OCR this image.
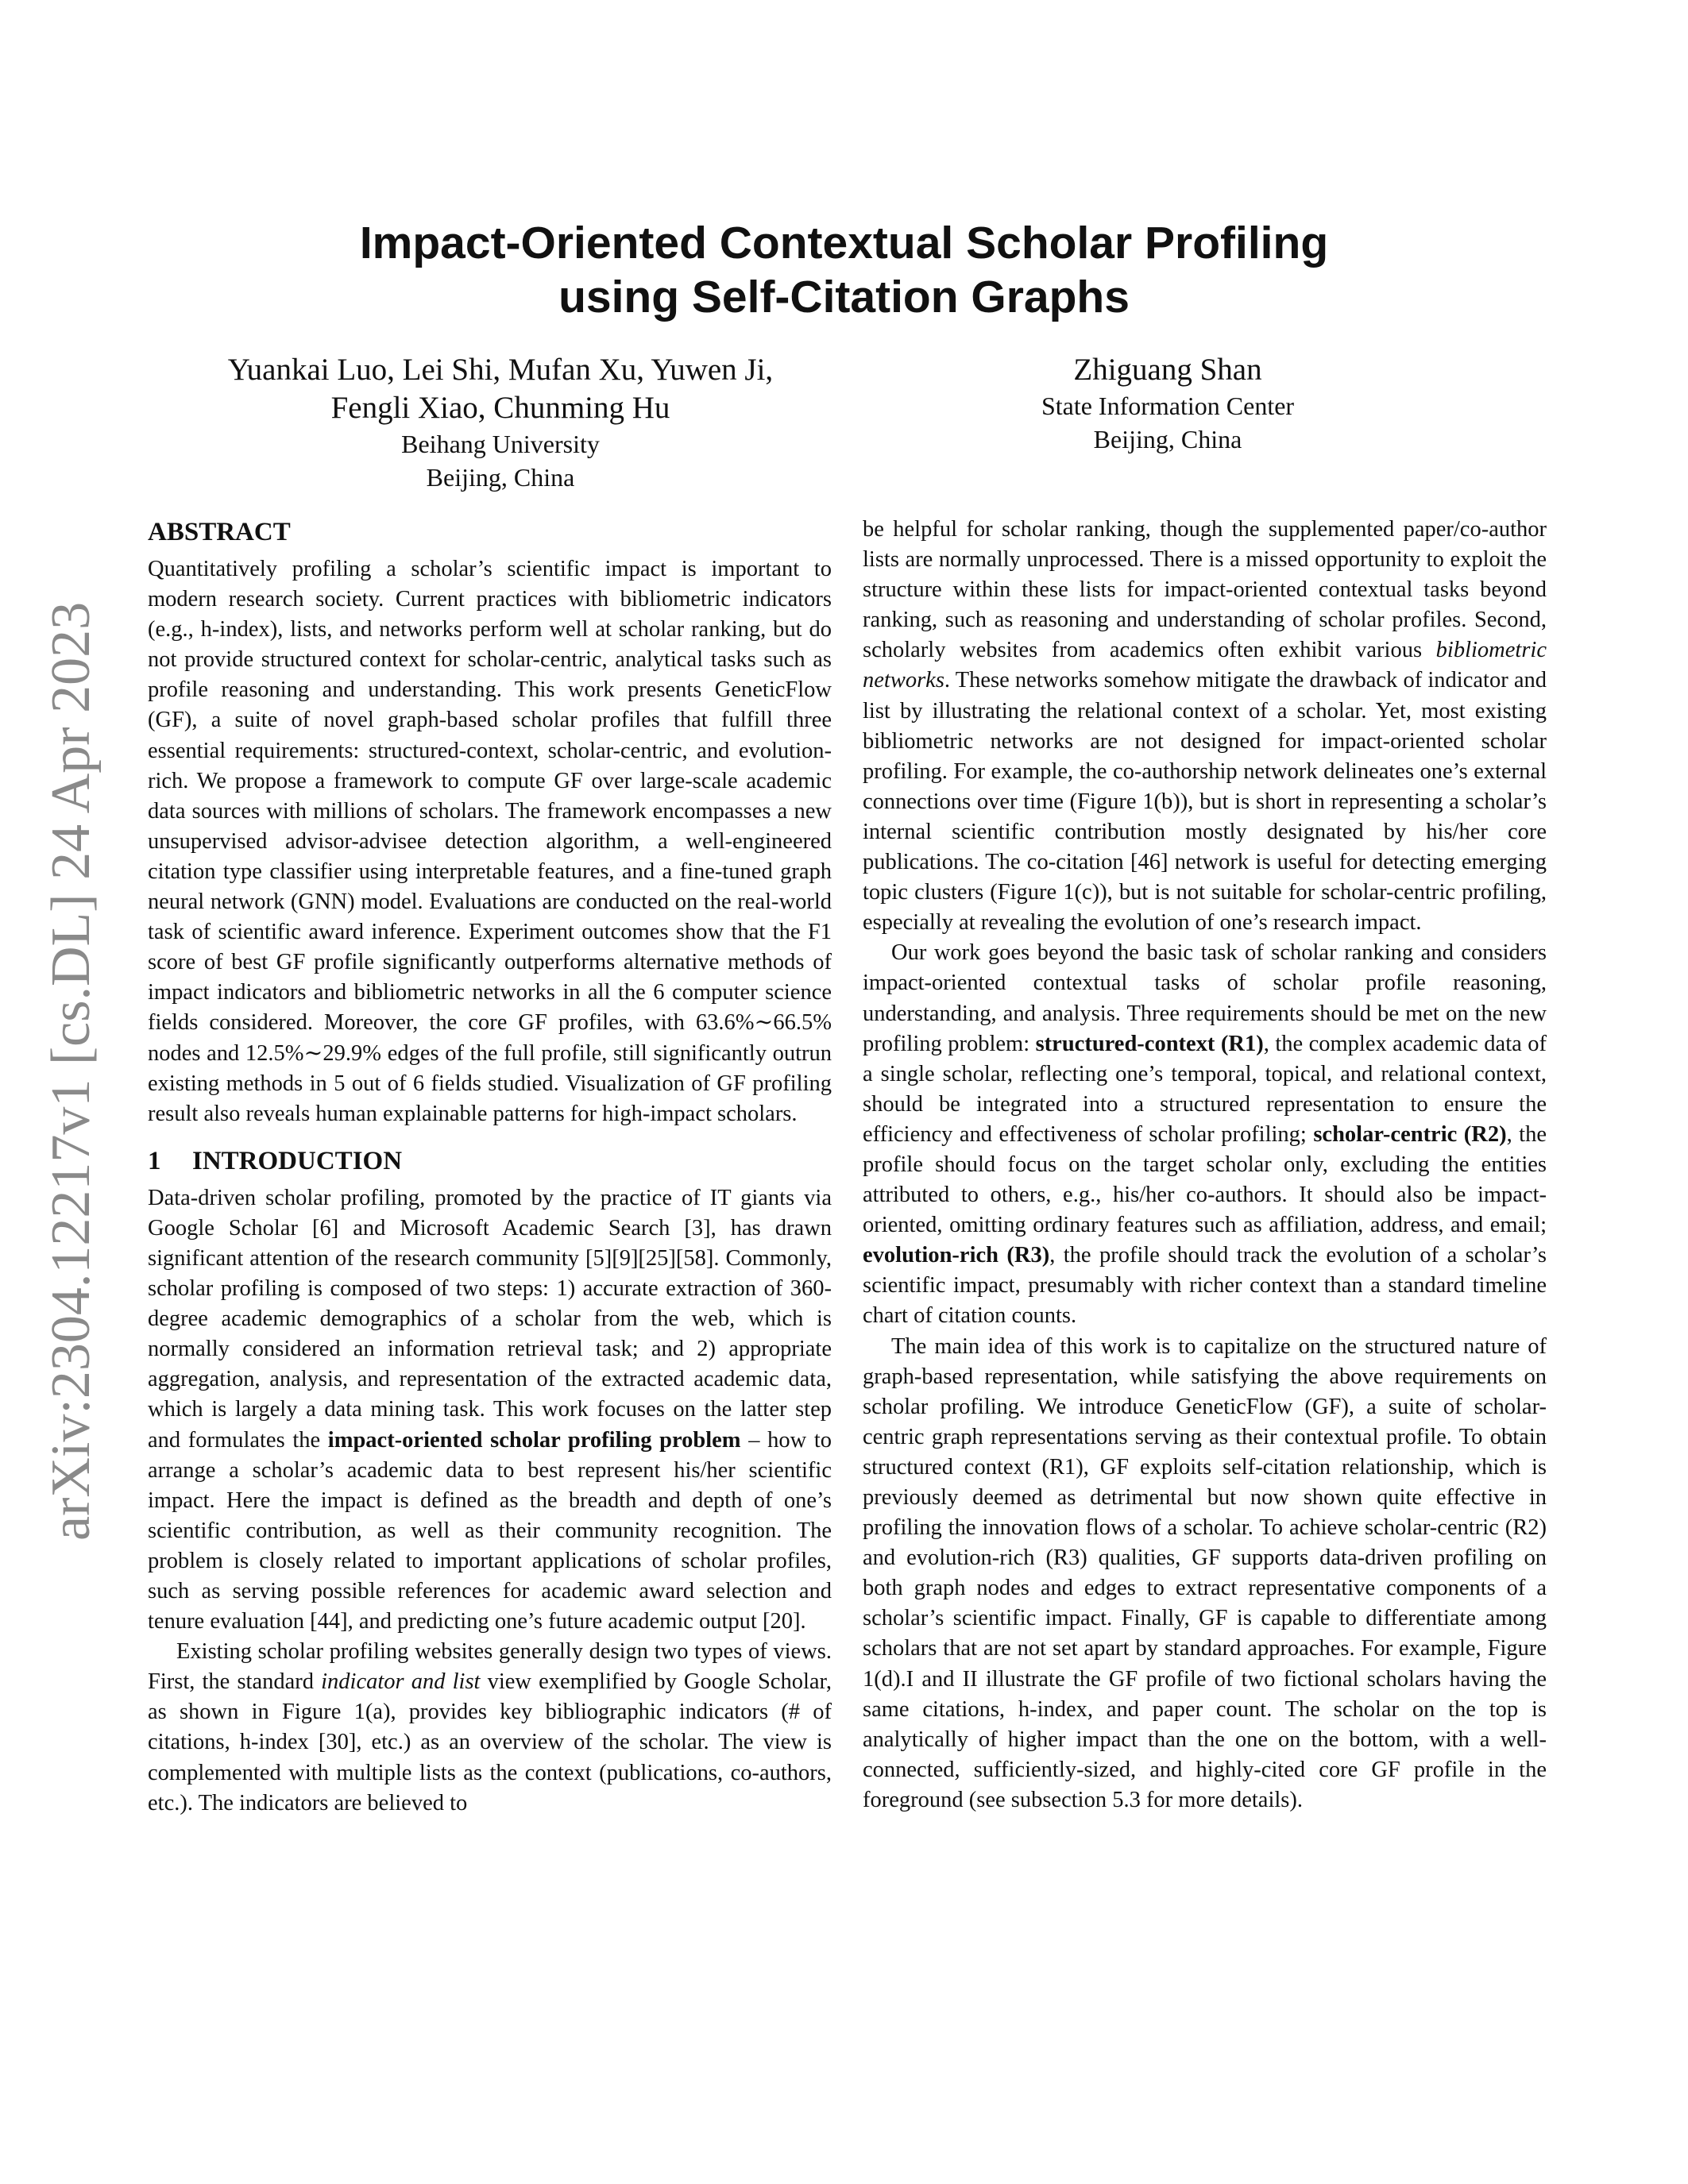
arXiv:2304.12217v1 [cs.DL] 24 Apr 2023
Impact-Oriented Contextual Scholar Profiling
using Self-Citation Graphs
Yuankai Luo, Lei Shi, Mufan Xu, Yuwen Ji,
Fengli Xiao, Chunming Hu
Beihang University
Beijing, China
Zhiguang Shan
State Information Center
Beijing, China
ABSTRACT

Quantitatively profiling a scholar’s scientific impact is important to modern research society. Current practices with bibliometric indicators (e.g., h-index), lists, and networks perform well at scholar ranking, but do not provide structured context for scholar-centric, analytical tasks such as profile reasoning and understanding. This work presents GeneticFlow (GF), a suite of novel graph-based scholar profiles that fulfill three essential requirements: structured-context, scholar-centric, and evolution-rich. We propose a framework to compute GF over large-scale academic data sources with millions of scholars. The framework encompasses a new unsupervised advisor-advisee detection algorithm, a well-engineered citation type classifier using interpretable features, and a fine-tuned graph neural network (GNN) model. Evaluations are conducted on the real-world task of scientific award inference. Experiment outcomes show that the F1 score of best GF profile significantly outperforms alternative methods of impact indicators and bibliometric networks in all the 6 computer science fields considered. Moreover, the core GF profiles, with 63.6%∼66.5% nodes and 12.5%∼29.9% edges of the full profile, still significantly outrun existing methods in 5 out of 6 fields studied. Visualization of GF profiling result also reveals human explainable patterns for high-impact scholars.

1 INTRODUCTION

Data-driven scholar profiling, promoted by the practice of IT giants via Google Scholar [6] and Microsoft Academic Search [3], has drawn significant attention of the research community [5][9][25][58]. Commonly, scholar profiling is composed of two steps: 1) accurate extraction of 360-degree academic demographics of a scholar from the web, which is normally considered an information retrieval task; and 2) appropriate aggregation, analysis, and representation of the extracted academic data, which is largely a data mining task. This work focuses on the latter step and formulates the impact-oriented scholar profiling problem – how to arrange a scholar’s academic data to best represent his/her scientific impact. Here the impact is defined as the breadth and depth of one’s scientific contribution, as well as their community recognition. The problem is closely related to important applications of scholar profiles, such as serving possible references for academic award selection and tenure evaluation [44], and predicting one’s future academic output [20].

Existing scholar profiling websites generally design two types of views. First, the standard indicator and list view exemplified by Google Scholar, as shown in Figure 1(a), provides key bibliographic indicators (# of citations, h-index [30], etc.) as an overview of the scholar. The view is complemented with multiple lists as the context (publications, co-authors, etc.). The indicators are believed to

be helpful for scholar ranking, though the supplemented paper/co-author lists are normally unprocessed. There is a missed opportunity to exploit the structure within these lists for impact-oriented contextual tasks beyond ranking, such as reasoning and understanding of scholar profiles. Second, scholarly websites from academics often exhibit various bibliometric networks. These networks somehow mitigate the drawback of indicator and list by illustrating the relational context of a scholar. Yet, most existing bibliometric networks are not designed for impact-oriented scholar profiling. For example, the co-authorship network delineates one’s external connections over time (Figure 1(b)), but is short in representing a scholar’s internal scientific contribution mostly designated by his/her core publications. The co-citation [46] network is useful for detecting emerging topic clusters (Figure 1(c)), but is not suitable for scholar-centric profiling, especially at revealing the evolution of one’s research impact.

Our work goes beyond the basic task of scholar ranking and considers impact-oriented contextual tasks of scholar profile reasoning, understanding, and analysis. Three requirements should be met on the new profiling problem: structured-context (R1), the complex academic data of a single scholar, reflecting one’s temporal, topical, and relational context, should be integrated into a structured representation to ensure the efficiency and effectiveness of scholar profiling; scholar-centric (R2), the profile should focus on the target scholar only, excluding the entities attributed to others, e.g., his/her co-authors. It should also be impact-oriented, omitting ordinary features such as affiliation, address, and email; evolution-rich (R3), the profile should track the evolution of a scholar’s scientific impact, presumably with richer context than a standard timeline chart of citation counts.

The main idea of this work is to capitalize on the structured nature of graph-based representation, while satisfying the above requirements on scholar profiling. We introduce GeneticFlow (GF), a suite of scholar-centric graph representations serving as their contextual profile. To obtain structured context (R1), GF exploits self-citation relationship, which is previously deemed as detrimental but now shown quite effective in profiling the innovation flows of a scholar. To achieve scholar-centric (R2) and evolution-rich (R3) qualities, GF supports data-driven profiling on both graph nodes and edges to extract representative components of a scholar’s scientific impact. Finally, GF is capable to differentiate among scholars that are not set apart by standard approaches. For example, Figure 1(d).I and II illustrate the GF profile of two fictional scholars having the same citations, h-index, and paper count. The scholar on the top is analytically of higher impact than the one on the bottom, with a well-connected, sufficiently-sized, and highly-cited core GF profile in the foreground (see subsection 5.3 for more details).
